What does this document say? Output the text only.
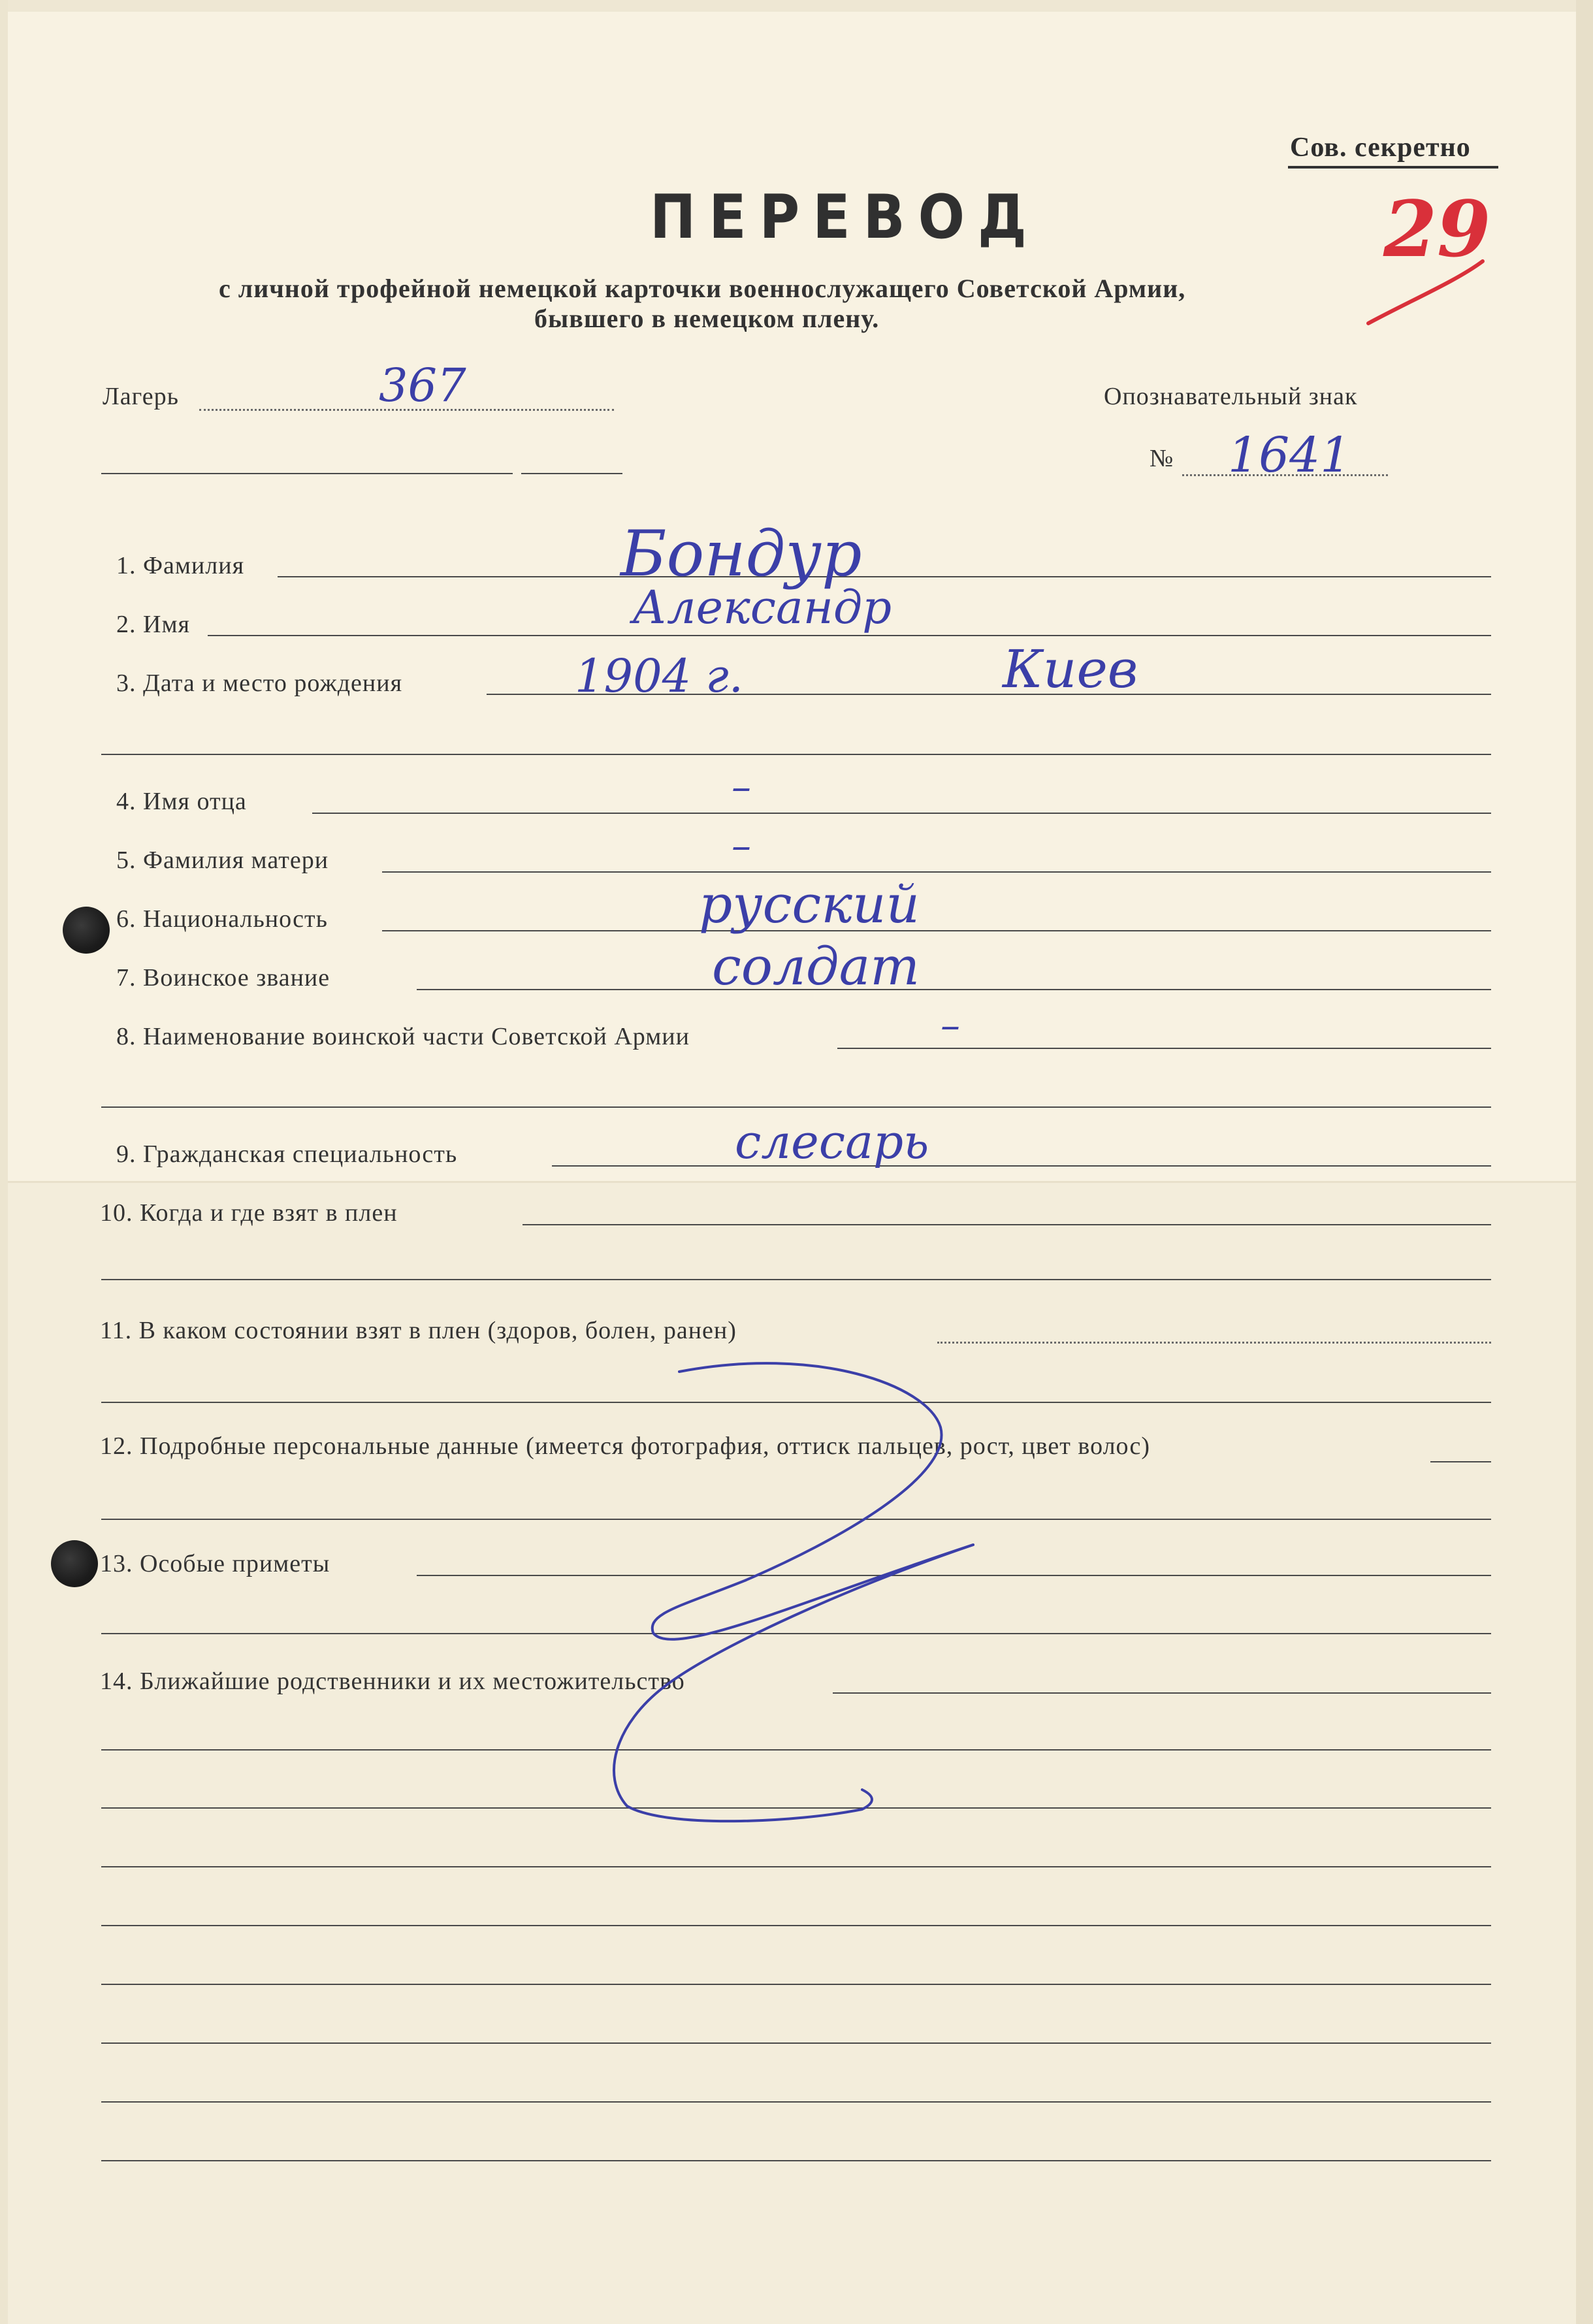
Сов. секретно
29
ПЕРЕВОД
с личной трофейной немецкой карточки военнослужащего Советской Армии,
бывшего в немецком плену.
Лагерь	367	Опознавательный знак
№ 1641
1. Фамилия	Бондур
2. Имя	Александр
3. Дата и место рождения	1904 г.	Киев
4. Имя отца	–
5. Фамилия матери	–
6. Национальность	русский
7. Воинское звание	солдат
8. Наименование воинской части Советской Армии	–
9. Гражданская специальность	слесарь
10. Когда и где взят в плен
11. В каком состоянии взят в плен (здоров, болен, ранен)
12. Подробные персональные данные (имеется фотография, оттиск пальцев, рост, цвет волос)
13. Особые приметы
14. Ближайшие родственники и их местожительство
